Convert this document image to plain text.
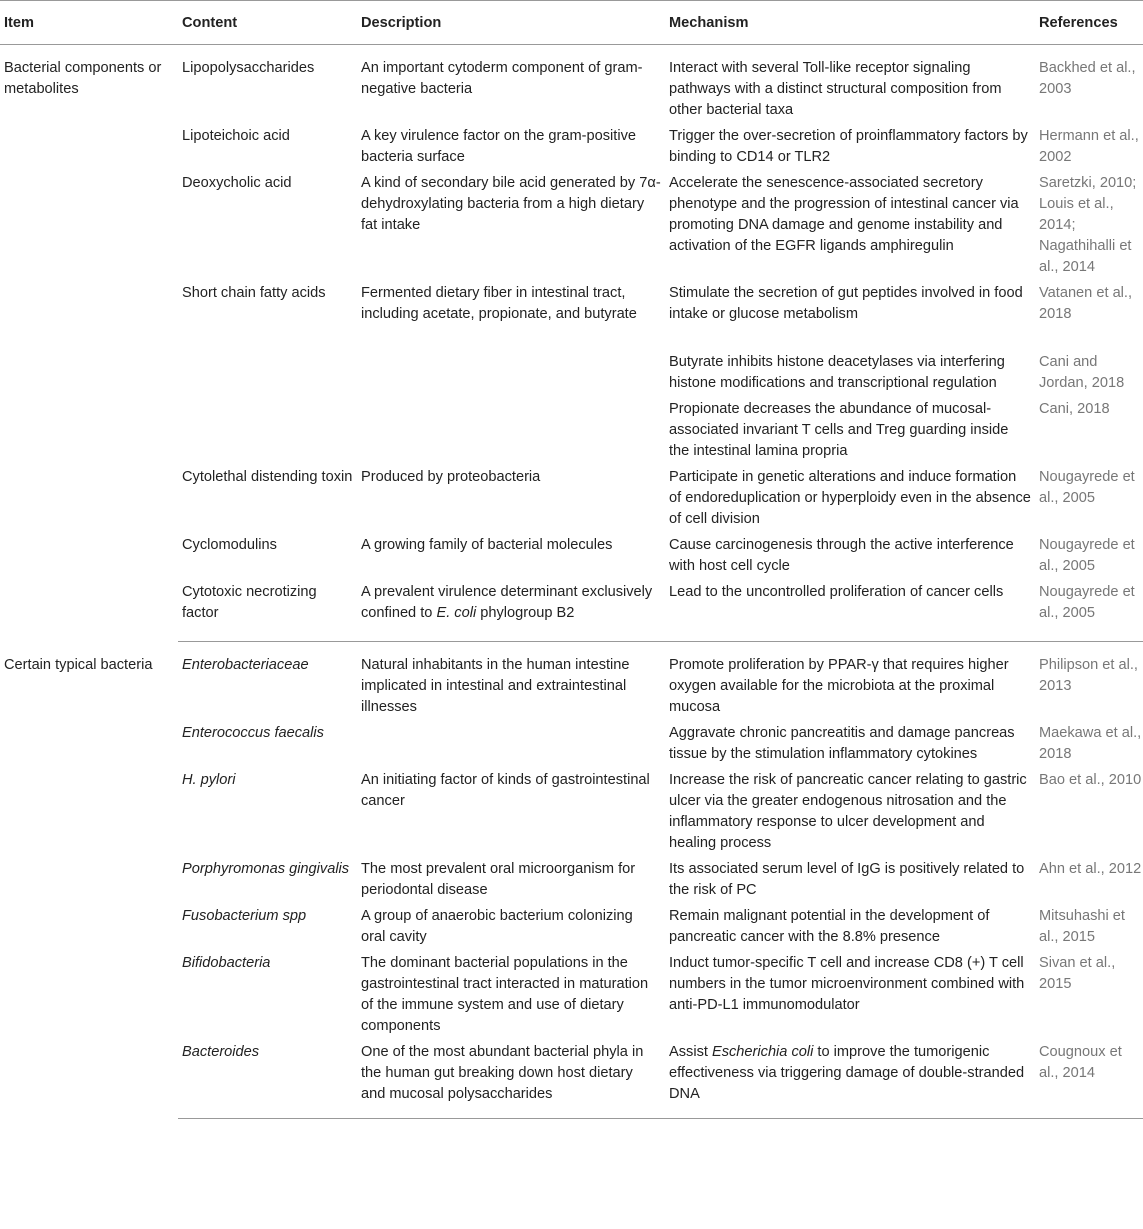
Item	Content	Description	Mechanism	References
Bacterial components or metabolites	Lipopolysaccharides	An important cytoderm component of gram-negative bacteria	Interact with several Toll-like receptor signaling pathways with a distinct structural composition from other bacterial taxa	Backhed et al., 2003
	Lipoteichoic acid	A key virulence factor on the gram-positive bacteria surface	Trigger the over-secretion of proinflammatory factors by binding to CD14 or TLR2	Hermann et al., 2002
	Deoxycholic acid	A kind of secondary bile acid generated by 7α-dehydroxylating bacteria from a high dietary fat intake	Accelerate the senescence-associated secretory phenotype and the progression of intestinal cancer via promoting DNA damage and genome instability and activation of the EGFR ligands amphiregulin	Saretzki, 2010; Louis et al., 2014; Nagathihalli et al., 2014
	Short chain fatty acids	Fermented dietary fiber in intestinal tract, including acetate, propionate, and butyrate	Stimulate the secretion of gut peptides involved in food intake or glucose metabolism	Vatanen et al., 2018
			Butyrate inhibits histone deacetylases via interfering histone modifications and transcriptional regulation	Cani and Jordan, 2018
			Propionate decreases the abundance of mucosal-associated invariant T cells and Treg guarding inside the intestinal lamina propria	Cani, 2018
	Cytolethal distending toxin	Produced by proteobacteria	Participate in genetic alterations and induce formation of endoreduplication or hyperploidy even in the absence of cell division	Nougayrede et al., 2005
	Cyclomodulins	A growing family of bacterial molecules	Cause carcinogenesis through the active interference with host cell cycle	Nougayrede et al., 2005
	Cytotoxic necrotizing factor	A prevalent virulence determinant exclusively confined to E. coli phylogroup B2	Lead to the uncontrolled proliferation of cancer cells	Nougayrede et al., 2005
Certain typical bacteria	Enterobacteriaceae	Natural inhabitants in the human intestine implicated in intestinal and extraintestinal illnesses	Promote proliferation by PPAR-γ that requires higher oxygen available for the microbiota at the proximal mucosa	Philipson et al., 2013
	Enterococcus faecalis		Aggravate chronic pancreatitis and damage pancreas tissue by the stimulation inflammatory cytokines	Maekawa et al., 2018
	H. pylori	An initiating factor of kinds of gastrointestinal cancer	Increase the risk of pancreatic cancer relating to gastric ulcer via the greater endogenous nitrosation and the inflammatory response to ulcer development and healing process	Bao et al., 2010
	Porphyromonas gingivalis	The most prevalent oral microorganism for periodontal disease	Its associated serum level of IgG is positively related to the risk of PC	Ahn et al., 2012
	Fusobacterium spp	A group of anaerobic bacterium colonizing oral cavity	Remain malignant potential in the development of pancreatic cancer with the 8.8% presence	Mitsuhashi et al., 2015
	Bifidobacteria	The dominant bacterial populations in the gastrointestinal tract interacted in maturation of the immune system and use of dietary components	Induct tumor-specific T cell and increase CD8 (+) T cell numbers in the tumor microenvironment combined with anti-PD-L1 immunomodulator	Sivan et al., 2015
	Bacteroides	One of the most abundant bacterial phyla in the human gut breaking down host dietary and mucosal polysaccharides	Assist Escherichia coli to improve the tumorigenic effectiveness via triggering damage of double-stranded DNA	Cougnoux et al., 2014
